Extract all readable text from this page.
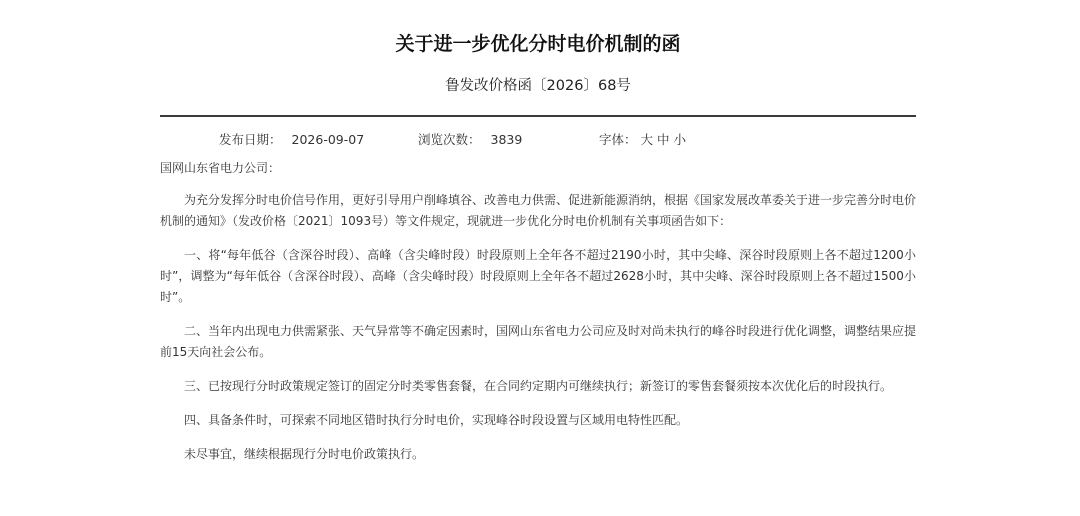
关于进一步优化分时电价机制的函
鲁发改价格函〔2026〕68号
发布日期： 2026-09-07	浏览次数： 3839	字体： 大 中 小

国网山东省电力公司：

为充分发挥分时电价信号作用，更好引导用户削峰填谷、改善电力供需、促进新能源消纳，根据《国家发展改革委关于进一步完善分时电价机制的通知》（发改价格〔2021〕1093号）等文件规定，现就进一步优化分时电价机制有关事项函告如下：

一、将“每年低谷（含深谷时段）、高峰（含尖峰时段）时段原则上全年各不超过2190小时，其中尖峰、深谷时段原则上各不超过1200小时”，调整为“每年低谷（含深谷时段）、高峰（含尖峰时段）时段原则上全年各不超过2628小时，其中尖峰、深谷时段原则上各不超过1500小时”。

二、当年内出现电力供需紧张、天气异常等不确定因素时，国网山东省电力公司应及时对尚未执行的峰谷时段进行优化调整，调整结果应提前15天向社会公布。

三、已按现行分时政策规定签订的固定分时类零售套餐，在合同约定期内可继续执行；新签订的零售套餐须按本次优化后的时段执行。

四、具备条件时，可探索不同地区错时执行分时电价，实现峰谷时段设置与区域用电特性匹配。

未尽事宜，继续根据现行分时电价政策执行。
